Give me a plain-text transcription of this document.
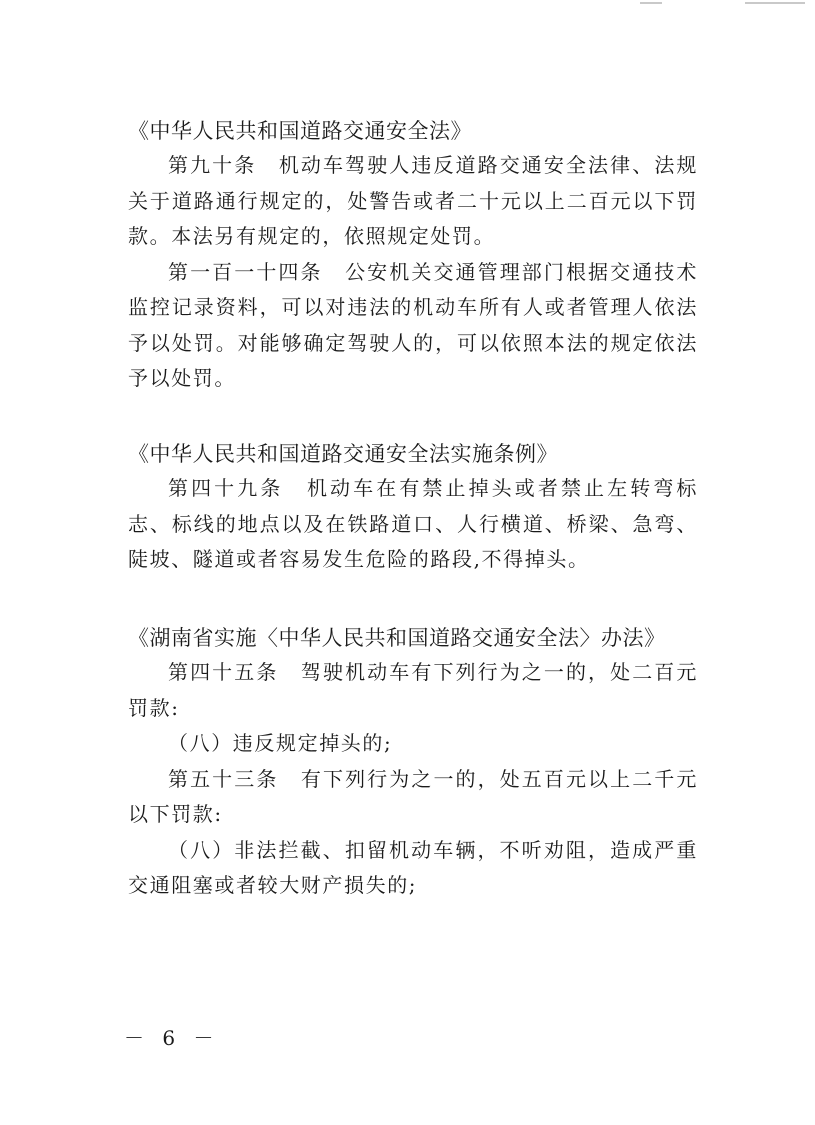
《中华人民共和国道路交通安全法》

第九十条 机动车驾驶人违反道路交通安全法律、法规关于道路通行规定的，处警告或者二十元以上二百元以下罚款。本法另有规定的，依照规定处罚。

第一百一十四条 公安机关交通管理部门根据交通技术监控记录资料，可以对违法的机动车所有人或者管理人依法予以处罚。对能够确定驾驶人的，可以依照本法的规定依法予以处罚。

《中华人民共和国道路交通安全法实施条例》

第四十九条 机动车在有禁止掉头或者禁止左转弯标志、标线的地点以及在铁路道口、人行横道、桥梁、急弯、陡坡、隧道或者容易发生危险的路段,不得掉头。

《湖南省实施〈中华人民共和国道路交通安全法〉办法》

第四十五条 驾驶机动车有下列行为之一的，处二百元罚款:

（八）违反规定掉头的;

第五十三条 有下列行为之一的，处五百元以上二千元以下罚款:

（八）非法拦截、扣留机动车辆，不听劝阻，造成严重交通阻塞或者较大财产损失的;

－ 6 －
